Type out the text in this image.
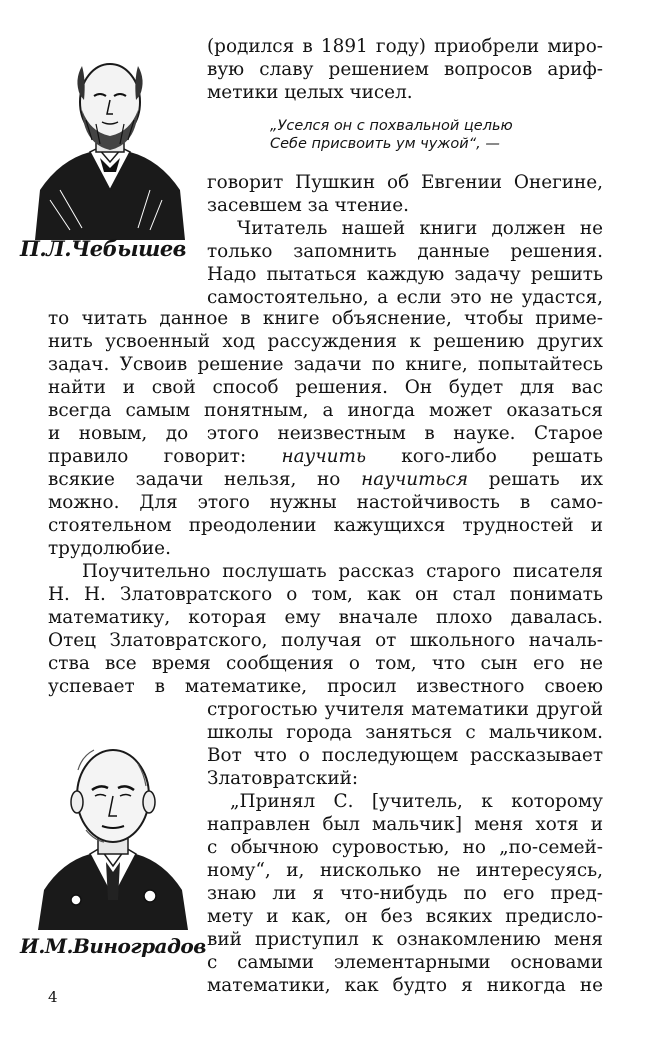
П.Л.Чебышев
(родился в 1891 году) приобрели миро-
вую славу решением вопросов ариф-
метики целых чисел.
„Уселся он с похвальной целью
Себе присвоить ум чужой“, —
говорит Пушкин об Евгении Онегине,
засевшем за чтение.
Читатель нашей книги должен не
только запомнить данные решения.
Надо пытаться каждую задачу решить
самостоятельно, а если это не удастся,
то читать данное в книге объяснение, чтобы приме-
нить усвоенный ход рассуждения к решению других
задач. Усвоив решение задачи по книге, попытайтесь
найти и свой способ решения. Он будет для вас
всегда самым понятным, а иногда может оказаться
и новым, до этого неизвестным в науке. Старое
правило говорит: научить кого-либо решать
всякие задачи нельзя, но научиться решать их
можно. Для этого нужны настойчивость в само-
стоятельном преодолении кажущихся трудностей и
трудолюбие.
Поучительно послушать рассказ старого писателя
Н. Н. Златовратского о том, как он стал понимать
математику, которая ему вначале плохо давалась.
Отец Златовратского, получая от школьного началь-
ства все время сообщения о том, что сын его не
успевает в математике, просил известного своею
И.М.Виноградов
строгостью учителя математики другой
школы города заняться с мальчиком.
Вот что о последующем рассказывает
Златовратский:
„Принял С. [учитель, к которому
направлен был мальчик] меня хотя и
с обычною суровостью, но „по-семей-
ному“, и, нисколько не интересуясь,
знаю ли я что-нибудь по его пред-
мету и как, он без всяких предисло-
вий приступил к ознакомлению меня
с самыми элементарными основами
математики, как будто я никогда не
4
